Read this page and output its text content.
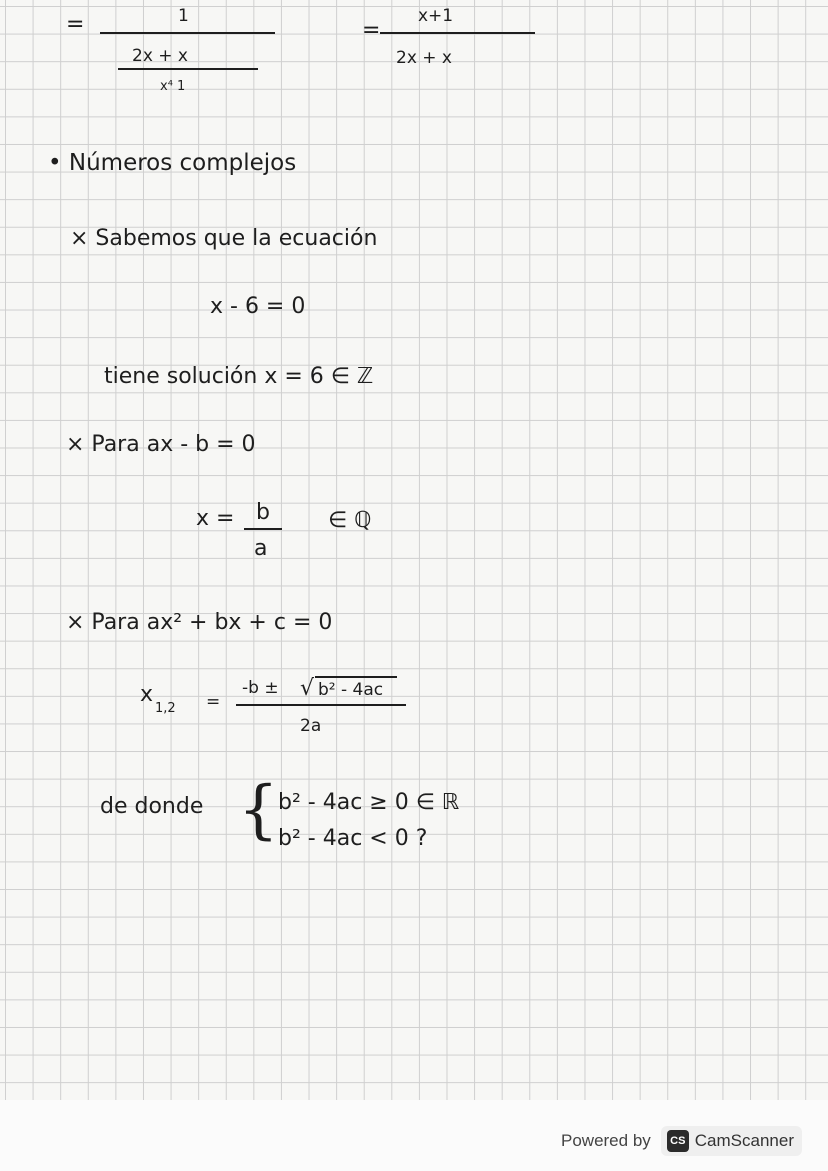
=	1
2x + x
x⁴ 1
=
x+1
2x + x
• Números complejos
× Sabemos que la ecuación
x - 6 = 0
tiene solución x = 6 ∈ ℤ
× Para ax - b = 0
x = b
a
∈ ℚ
× Para ax² + bx + c = 0
x
1,2 =
-b ± √ b² - 4ac
2a
de donde { b² - 4ac ≥ 0 ∈ ℝ
b² - 4ac < 0 ?
Powered by	CS CamScanner
